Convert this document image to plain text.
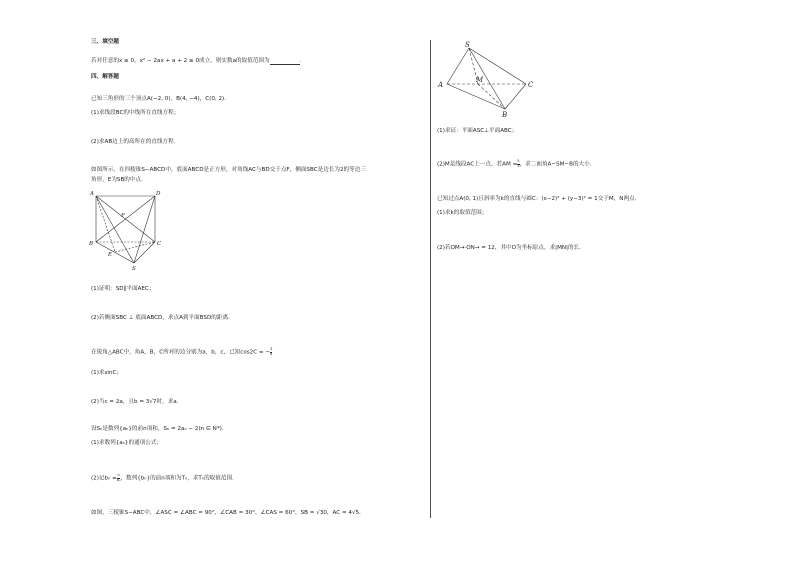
三、填空题
若对任意的x ≥ 0，x² − 2ax + a + 2 ≥ 0成立，则实数a的取值范围为	.
四、解答题
已知三角形的三个顶点A(−2, 0)，B(4, −4)，C(0, 2).
(1)求线段BC的中线所在直线方程；
(2)求AB边上的高所在的直线方程.
如图所示，在四棱锥S−ABCD中，底面ABCD是正方形，对角线AC与BD交于点F，侧面SBC是边长为2的等边三
角形，E为SB的中点.
A	D
F
B	C
E
S
(1)证明：SD∥平面AEC；
(2)若侧面SBC ⊥ 底面ABCD，求点A到平面BSD的距离.
在锐角△ABC中，角A，B，C所对的边分别为a，b，c，已知cos2C = − $\frac{3}{4}$
(1)求sinC；
(2)当c = 2a，且b = 3√7时，求a.
设Sₙ是数列{aₙ}的前n项和，Sₙ = 2aₙ − 2(n ∈ N*).
(1)求数列{aₙ}的通项公式；
(2)记$b_n = \frac{n}{\text{aₙ}}$ ，数列{bₙ}的前n项和为Tₙ，求Tₙ的取值范围.
如图，三棱锥S−ABC中，∠ASC = ∠ABC = 90°，∠CAB = 30°，∠CAS = 60°，SB = √30，AC = 4√5.
S
A
M
C
B
(1)求证：平面ASC⊥平面ABC；
(2)M是线段AC上一点，若AM = $\frac{5}{3}$ ，求二面角A−SM−B的大小.
已知过点A(0, 1)且斜率为k的直线与圆C：(x−2)² + (y−3)² = 1交于M，N两点.
(1)求k的取值范围；
(2)若OM→·ON→ = 12，其中O为坐标原点，求|MN|的长.
